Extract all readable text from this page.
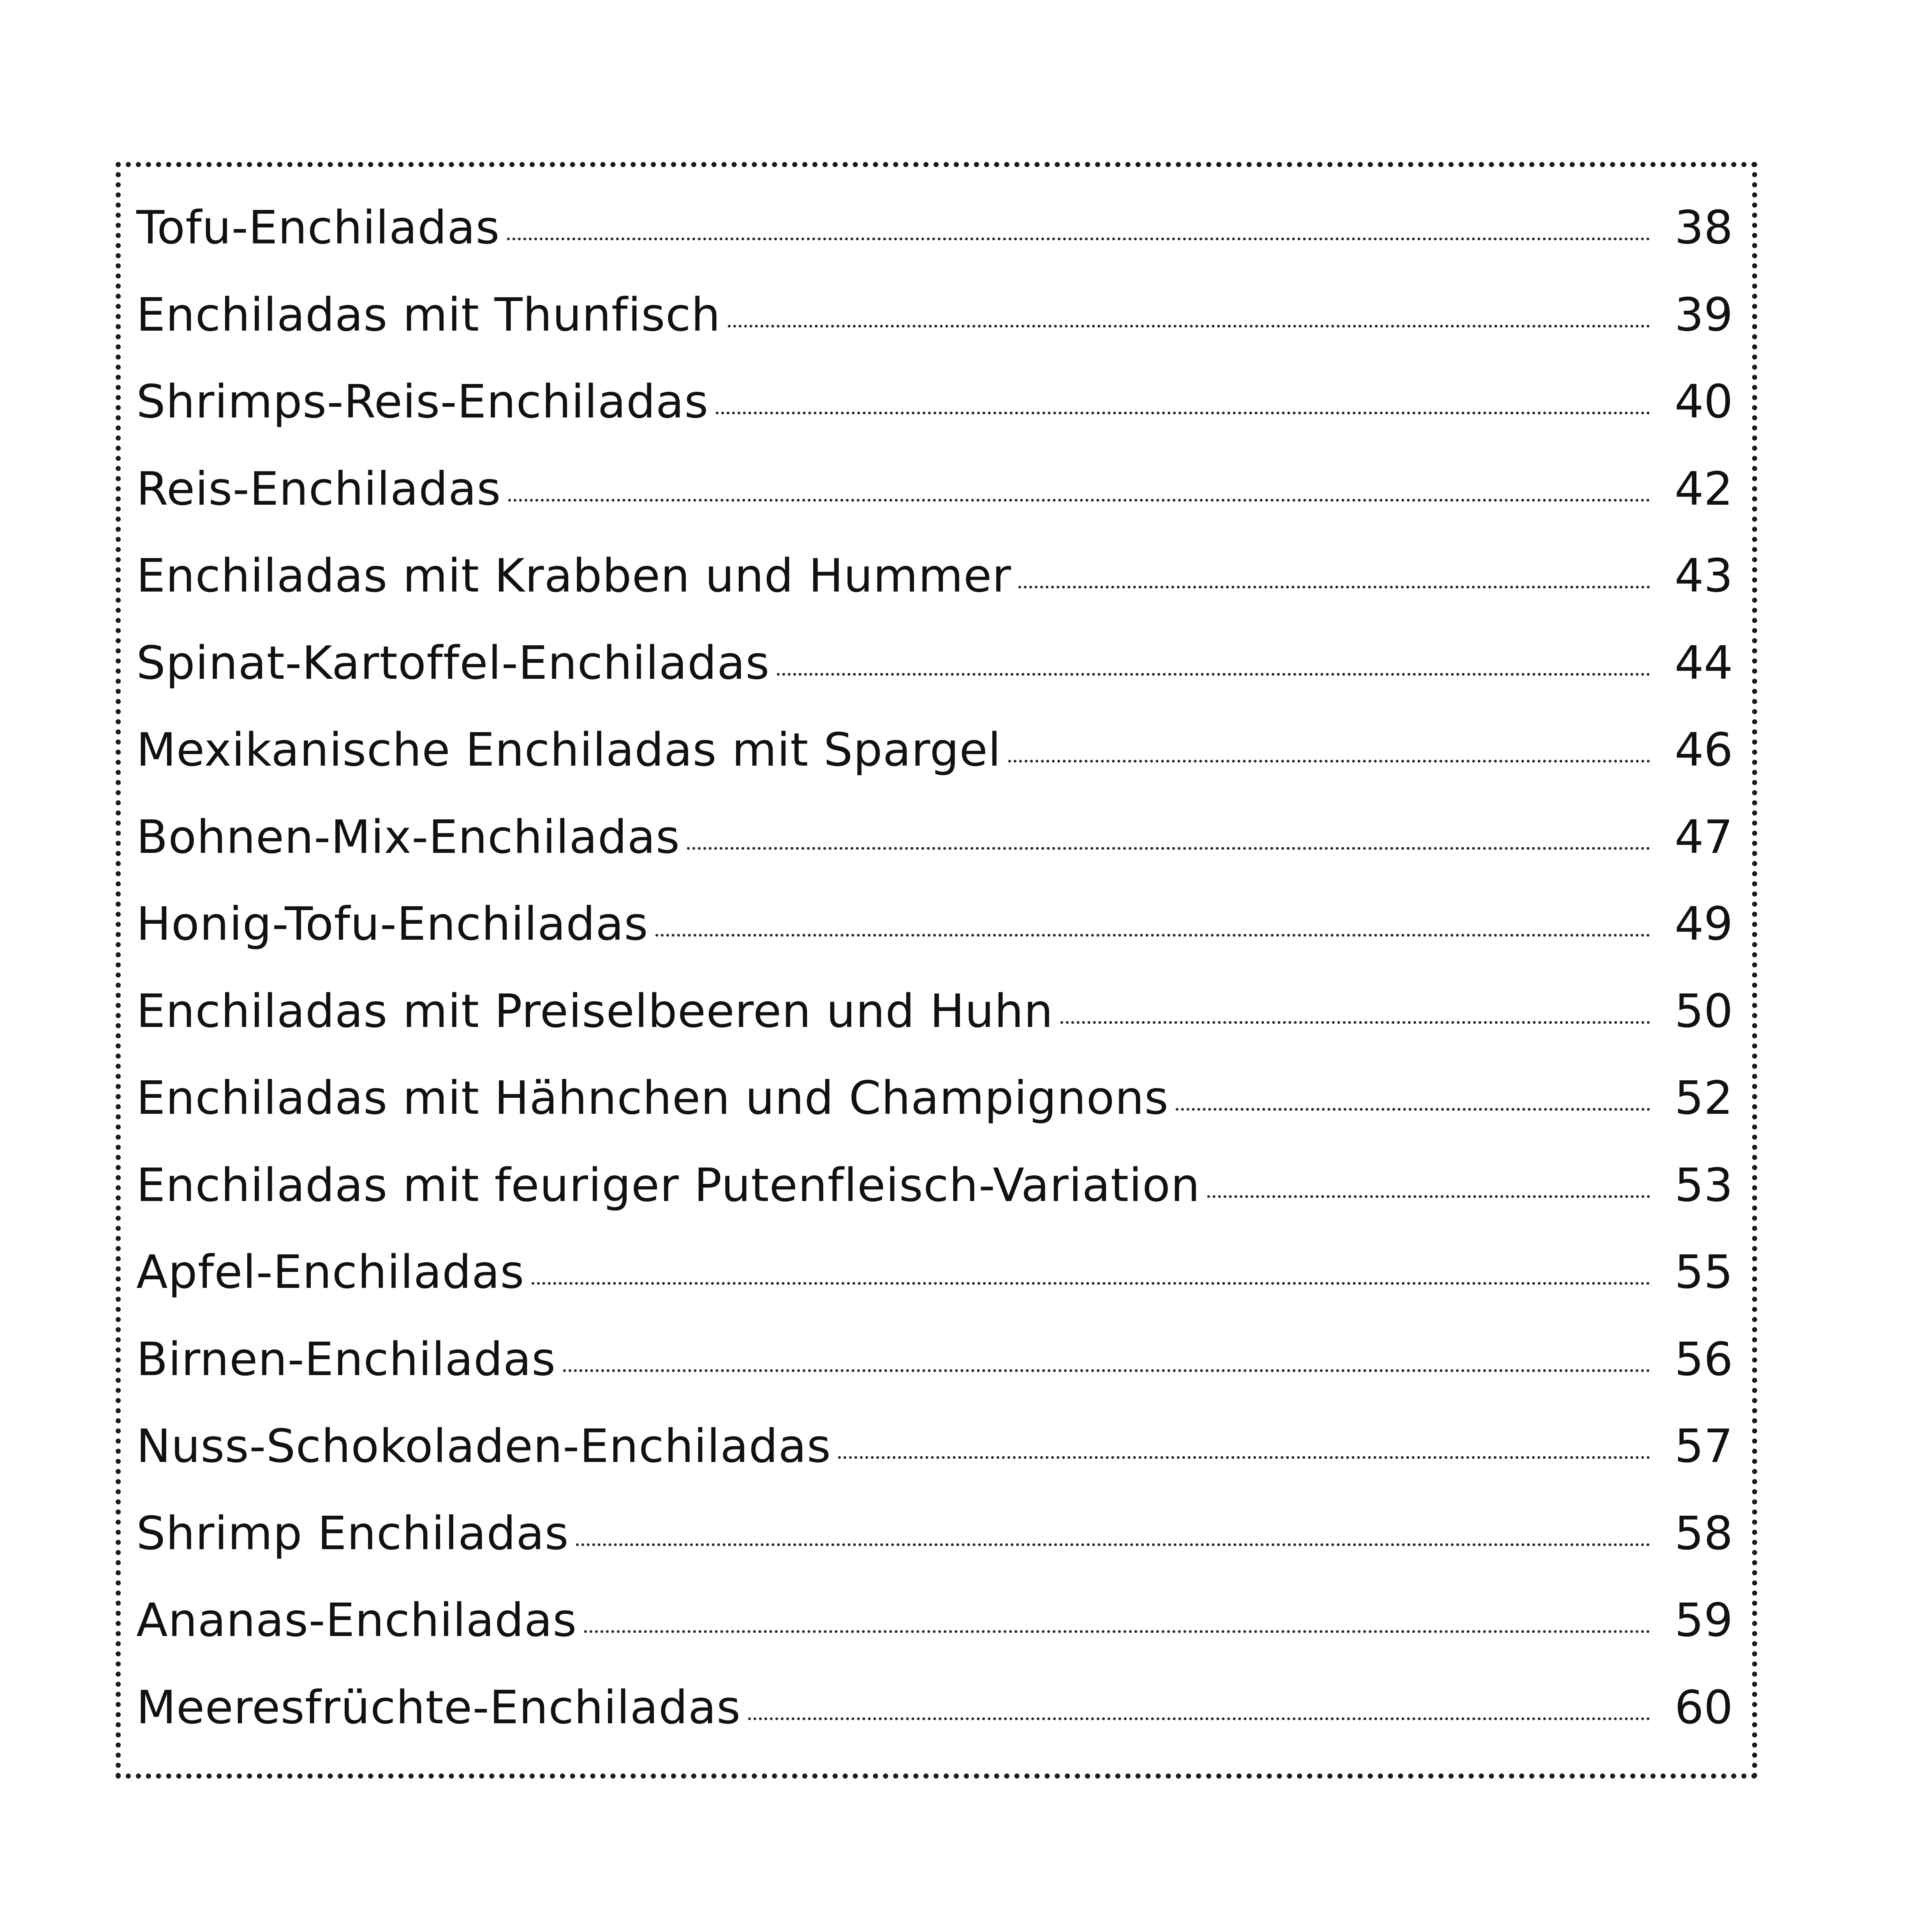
Tofu-Enchiladas	38
Enchiladas mit Thunfisch	39
Shrimps-Reis-Enchiladas	40
Reis-Enchiladas	42
Enchiladas mit Krabben und Hummer	43
Spinat-Kartoffel-Enchiladas	44
Mexikanische Enchiladas mit Spargel	46
Bohnen-Mix-Enchiladas	47
Honig-Tofu-Enchiladas	49
Enchiladas mit Preiselbeeren und Huhn	50
Enchiladas mit Hähnchen und Champignons	52
Enchiladas mit feuriger Putenfleisch-Variation	53
Apfel-Enchiladas	55
Birnen-Enchiladas	56
Nuss-Schokoladen-Enchiladas	57
Shrimp Enchiladas	58
Ananas-Enchiladas	59
Meeresfrüchte-Enchiladas	60
